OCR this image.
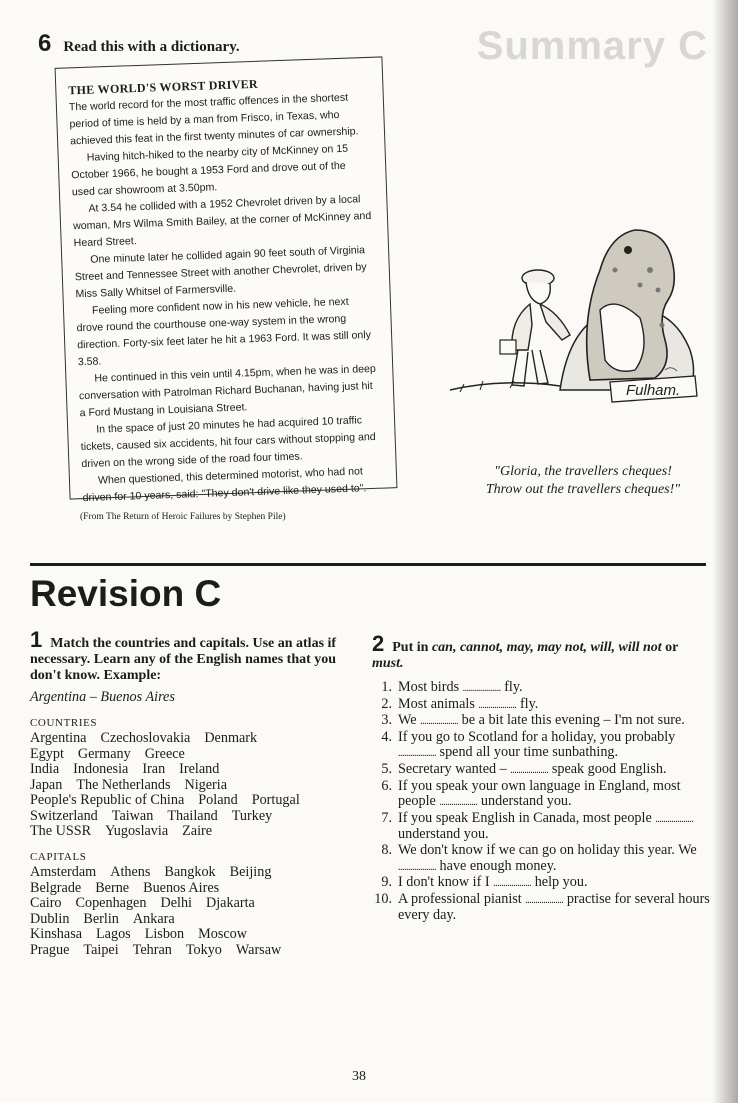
Summary C
6 Read this with a dictionary.
THE WORLD'S WORST DRIVER

The world record for the most traffic offences in the shortest period of time is held by a man from Frisco, in Texas, who achieved this feat in the first twenty minutes of car ownership.

Having hitch-hiked to the nearby city of McKinney on 15 October 1966, he bought a 1953 Ford and drove out of the used car showroom at 3.50pm.

At 3.54 he collided with a 1952 Chevrolet driven by a local woman, Mrs Wilma Smith Bailey, at the corner of McKinney and Heard Street.

One minute later he collided again 90 feet south of Virginia Street and Tennessee Street with another Chevrolet, driven by Miss Sally Whitsel of Farmersville.

Feeling more confident now in his new vehicle, he next drove round the courthouse one-way system in the wrong direction. Forty-six feet later he hit a 1963 Ford. It was still only 3.58.

He continued in this vein until 4.15pm, when he was in deep conversation with Patrolman Richard Buchanan, having just hit a Ford Mustang in Louisiana Street.

In the space of just 20 minutes he had acquired 10 traffic tickets, caused six accidents, hit four cars without stopping and driven on the wrong side of the road four times.

When questioned, this determined motorist, who had not driven for 10 years, said: "They don't drive like they used to".

(From The Return of Heroic Failures by Stephen Pile)
Fulham.
"Gloria, the travellers cheques!
Throw out the travellers cheques!"
Revision C
1 Match the countries and capitals. Use an atlas if necessary. Learn any of the English names that you don't know. Example:
Argentina – Buenos Aires
COUNTRIES
Argentina Czechoslovakia Denmark
Egypt Germany Greece
India Indonesia Iran Ireland
Japan The Netherlands Nigeria
People's Republic of China Poland Portugal
Switzerland Taiwan Thailand Turkey
The USSR Yugoslavia Zaire
CAPITALS
Amsterdam Athens Bangkok Beijing
Belgrade Berne Buenos Aires
Cairo Copenhagen Delhi Djakarta
Dublin Berlin Ankara
Kinshasa Lagos Lisbon Moscow
Prague Taipei Tehran Tokyo Warsaw
2 Put in can, cannot, may, may not, will, will not or must.
1. Most birds ................... fly.
2. Most animals ................... fly.
3. We ................... be a bit late this evening – I'm not sure.
4. If you go to Scotland for a holiday, you probably ................... spend all your time sunbathing.
5. Secretary wanted – ................... speak good English.
6. If you speak your own language in England, most people ................... understand you.
7. If you speak English in Canada, most people ................... understand you.
8. We don't know if we can go on holiday this year. We ................... have enough money.
9. I don't know if I ................... help you.
10. A professional pianist ................... practise for several hours every day.
38
